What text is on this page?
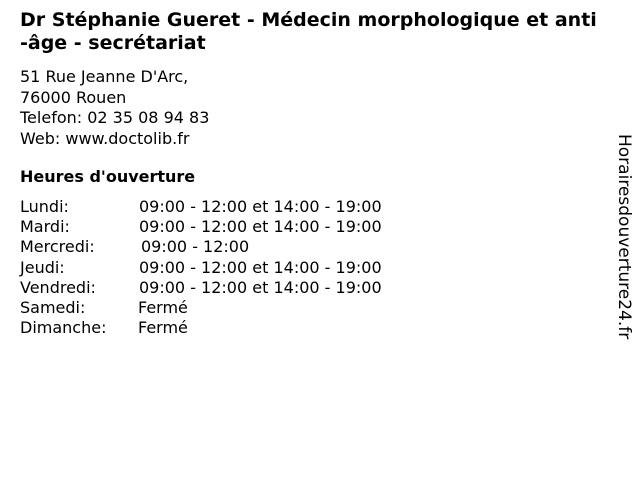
Dr Stéphanie Gueret - Médecin morphologique et anti-âge - secrétariat
51 Rue Jeanne D'Arc,
76000 Rouen
Telefon: 02 35 08 94 83
Web: www.doctolib.fr
Heures d'ouverture
Lundi:	09:00 - 12:00 et 14:00 - 19:00
Mardi:	09:00 - 12:00 et 14:00 - 19:00
Mercredi:	09:00 - 12:00
Jeudi:	09:00 - 12:00 et 14:00 - 19:00
Vendredi:	09:00 - 12:00 et 14:00 - 19:00
Samedi:	Fermé
Dimanche:	Fermé	Horairesdouverture24.fr
